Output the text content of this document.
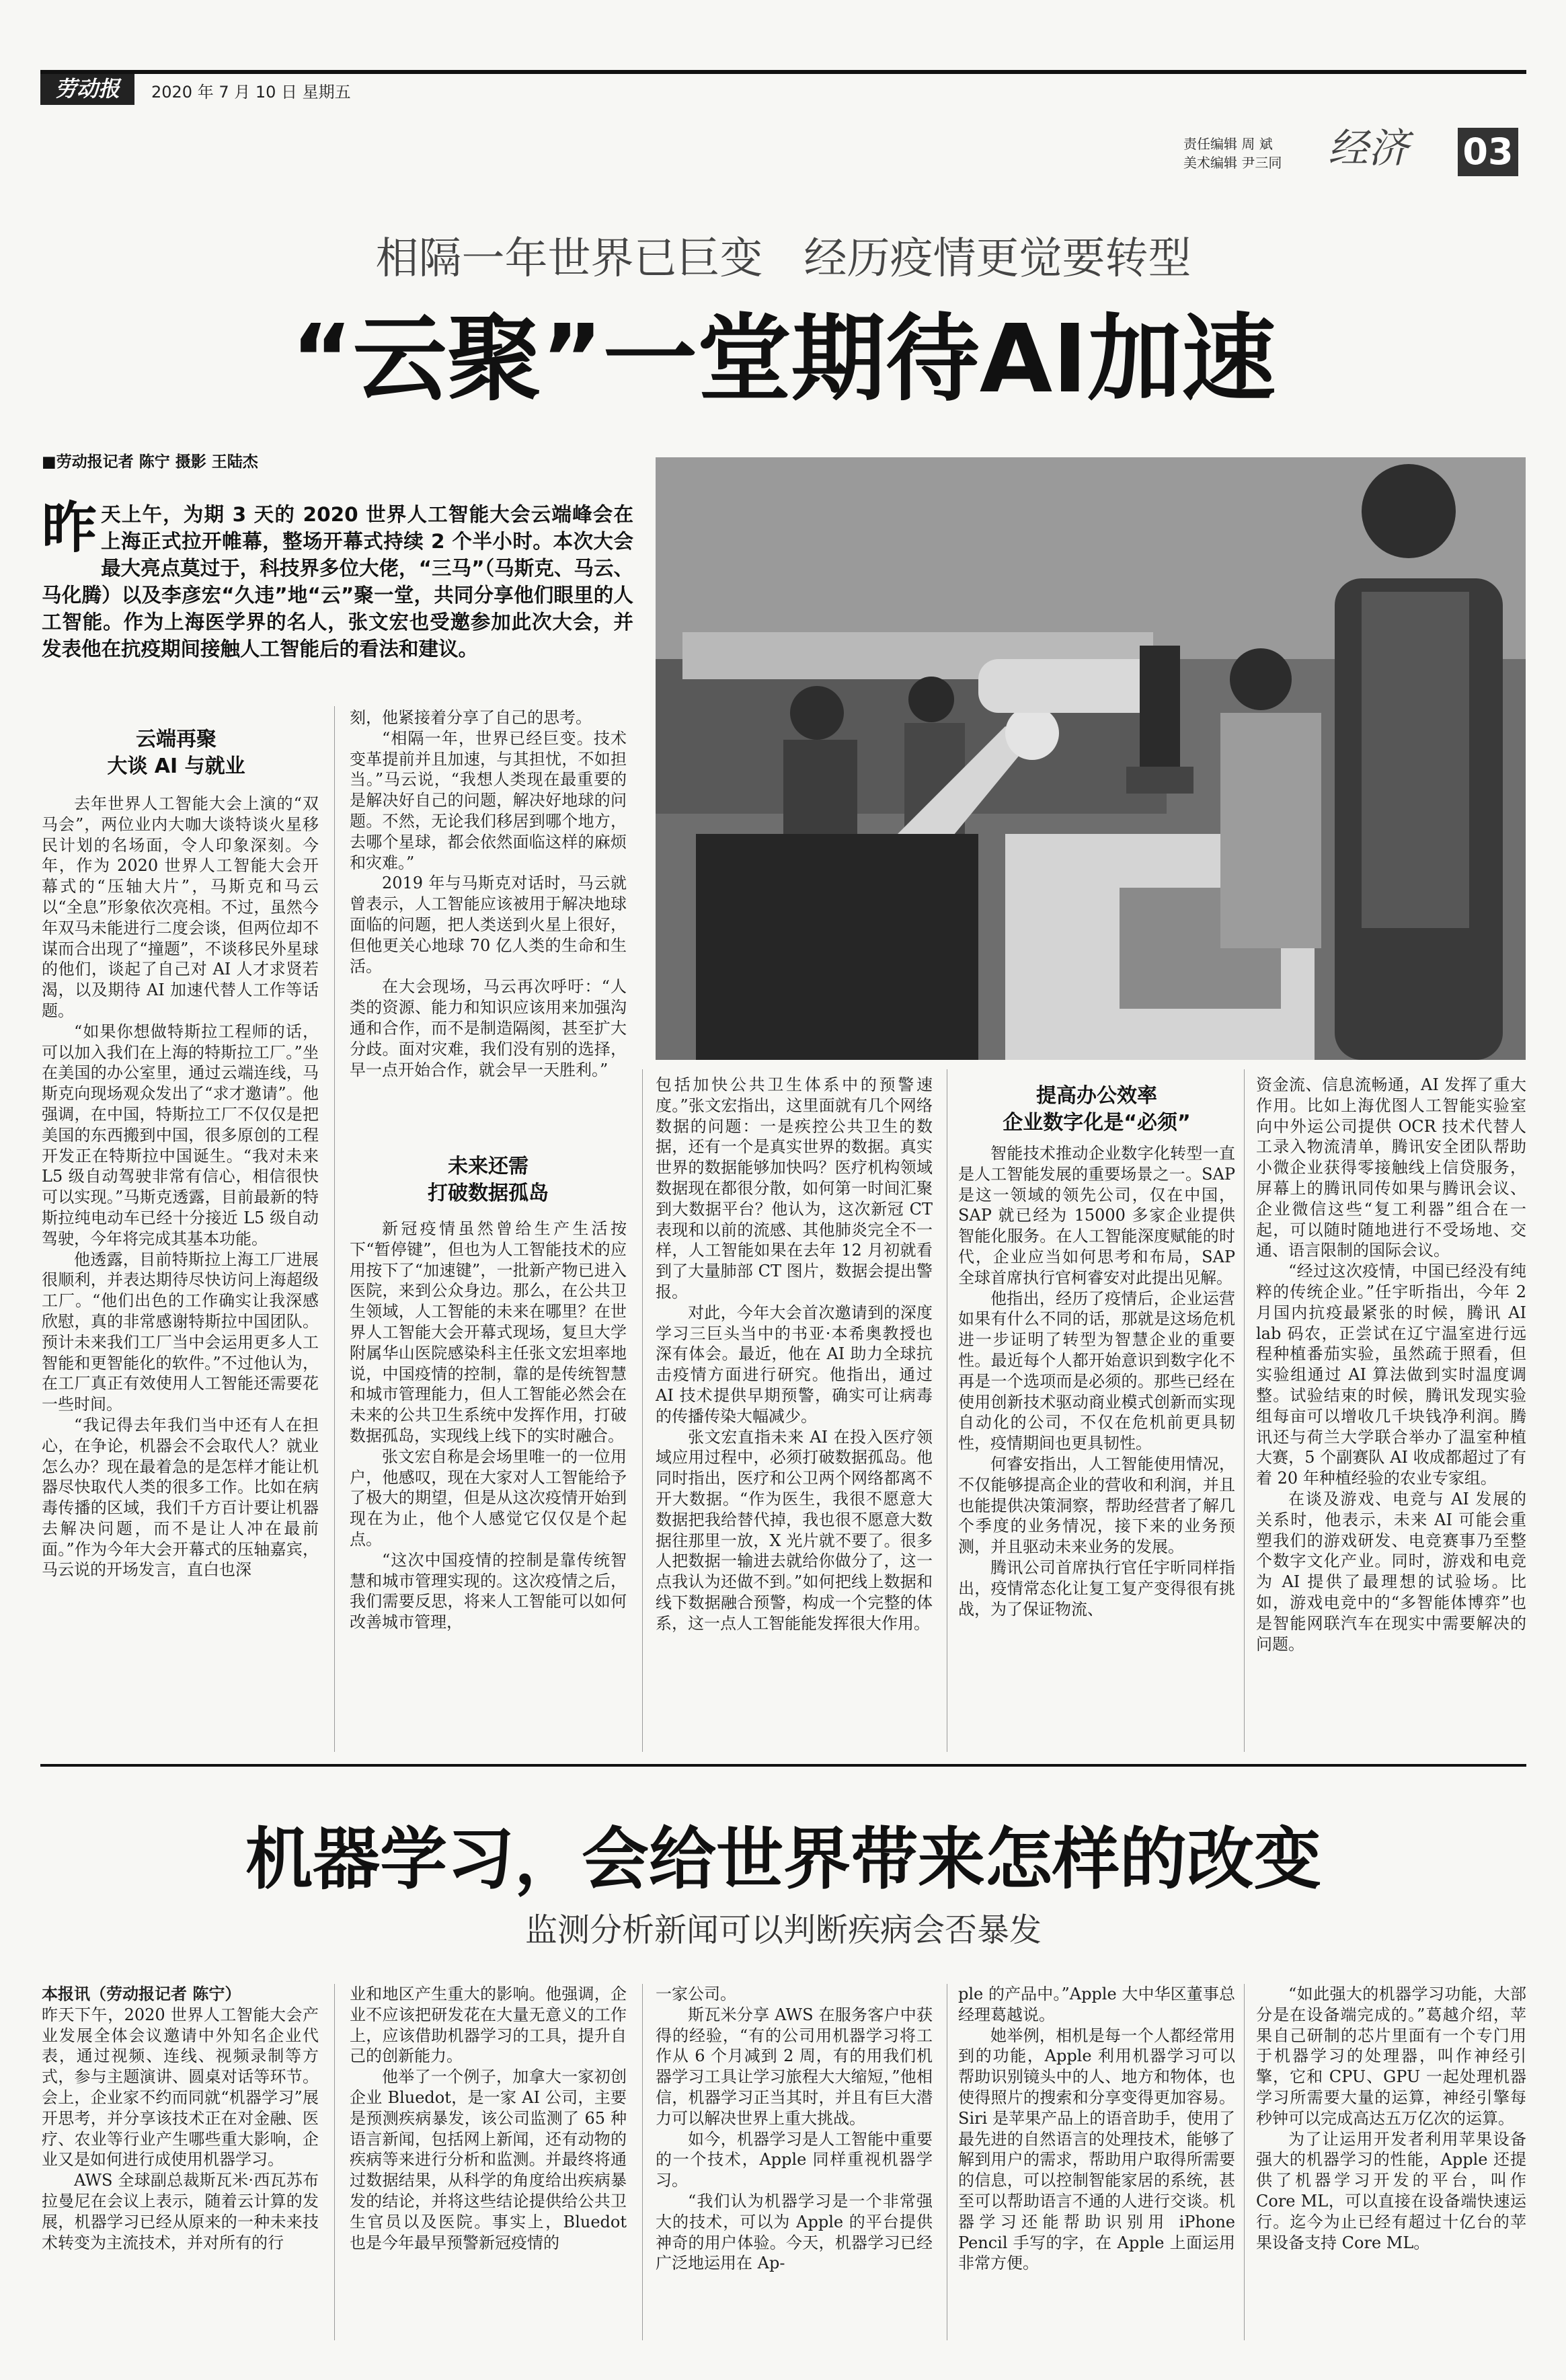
劳动报	2020 年 7 月 10 日 星期五
责任编辑 周 斌
美术编辑 尹三同	经济 03
相隔一年世界已巨变   经历疫情更觉要转型
“云聚”一堂期待AI加速
■劳动报记者 陈宁 摄影 王陆杰
昨 天上午，为期 3 天的 2020 世界人工智能大会云端峰会在上海正式拉开帷幕，整场开幕式持续 2 个半小时。本次大会最大亮点莫过于，科技界多位大佬，“三马”（马斯克、马云、马化腾）以及李彦宏“久违”地“云”聚一堂，共同分享他们眼里的人工智能。作为上海医学界的名人，张文宏也受邀参加此次大会，并发表他在抗疫期间接触人工智能后的看法和建议。
云端再聚
大谈 AI 与就业

去年世界人工智能大会上演的“双马会”，两位业内大咖大谈特谈火星移民计划的名场面，令人印象深刻。今年，作为 2020 世界人工智能大会开幕式的“压轴大片”，马斯克和马云以“全息”形象依次亮相。不过，虽然今年双马未能进行二度会谈，但两位却不谋而合出现了“撞题”，不谈移民外星球的他们，谈起了自己对 AI 人才求贤若渴，以及期待 AI 加速代替人工作等话题。

“如果你想做特斯拉工程师的话，可以加入我们在上海的特斯拉工厂。”坐在美国的办公室里，通过云端连线，马斯克向现场观众发出了“求才邀请”。他强调，在中国，特斯拉工厂不仅仅是把美国的东西搬到中国，很多原创的工程开发正在特斯拉中国诞生。“我对未来 L5 级自动驾驶非常有信心，相信很快可以实现。”马斯克透露，目前最新的特斯拉纯电动车已经十分接近 L5 级自动驾驶，今年将完成其基本功能。

他透露，目前特斯拉上海工厂进展很顺利，并表达期待尽快访问上海超级工厂。“他们出色的工作确实让我深感欣慰，真的非常感谢特斯拉中国团队。预计未来我们工厂当中会运用更多人工智能和更智能化的软件。”不过他认为，在工厂真正有效使用人工智能还需要花一些时间。

“我记得去年我们当中还有人在担心，在争论，机器会不会取代人？就业怎么办？现在最着急的是怎样才能让机器尽快取代人类的很多工作。比如在病毒传播的区域，我们千方百计要让机器去解决问题，而不是让人冲在最前面。”作为今年大会开幕式的压轴嘉宾，马云说的开场发言，直白也深

刻，他紧接着分享了自己的思考。

“相隔一年，世界已经巨变。技术变革提前并且加速，与其担忧，不如担当。”马云说，“我想人类现在最重要的是解决好自己的问题，解决好地球的问题。不然，无论我们移居到哪个地方，去哪个星球，都会依然面临这样的麻烦和灾难。”

2019 年与马斯克对话时，马云就曾表示，人工智能应该被用于解决地球面临的问题，把人类送到火星上很好，但他更关心地球 70 亿人类的生命和生活。

在大会现场，马云再次呼吁：“人类的资源、能力和知识应该用来加强沟通和合作，而不是制造隔阂，甚至扩大分歧。面对灾难，我们没有别的选择，早一点开始合作，就会早一天胜利。”

未来还需
打破数据孤岛

新冠疫情虽然曾给生产生活按下“暂停键”，但也为人工智能技术的应用按下了“加速键”，一批新产物已进入医院，来到公众身边。那么，在公共卫生领域，人工智能的未来在哪里？在世界人工智能大会开幕式现场，复旦大学附属华山医院感染科主任张文宏坦率地说，中国疫情的控制，靠的是传统智慧和城市管理能力，但人工智能必然会在未来的公共卫生系统中发挥作用，打破数据孤岛，实现线上线下的实时融合。

张文宏自称是会场里唯一的一位用户，他感叹，现在大家对人工智能给予了极大的期望，但是从这次疫情开始到现在为止，他个人感觉它仅仅是个起点。

“这次中国疫情的控制是靠传统智慧和城市管理实现的。这次疫情之后，我们需要反思，将来人工智能可以如何改善城市管理，

包括加快公共卫生体系中的预警速度。”张文宏指出，这里面就有几个网络数据的问题：一是疾控公共卫生的数据，还有一个是真实世界的数据。真实世界的数据能够加快吗？医疗机构领域数据现在都很分散，如何第一时间汇聚到大数据平台？他认为，这次新冠 CT 表现和以前的流感、其他肺炎完全不一样，人工智能如果在去年 12 月初就看到了大量肺部 CT 图片，数据会提出警报。

对此，今年大会首次邀请到的深度学习三巨头当中的书亚·本希奥教授也深有体会。最近，他在 AI 助力全球抗击疫情方面进行研究。他指出，通过 AI 技术提供早期预警，确实可让病毒的传播传染大幅减少。

张文宏直指未来 AI 在投入医疗领域应用过程中，必须打破数据孤岛。他同时指出，医疗和公卫两个网络都离不开大数据。“作为医生，我很不愿意大数据把我给替代掉，我也很不愿意大数据往那里一放，X 光片就不要了。很多人把数据一输进去就给你做分了，这一点我认为还做不到。”如何把线上数据和线下数据融合预警，构成一个完整的体系，这一点人工智能能发挥很大作用。

提高办公效率
企业数字化是“必须”

智能技术推动企业数字化转型一直是人工智能发展的重要场景之一。SAP 是这一领域的领先公司，仅在中国，SAP 就已经为 15000 多家企业提供智能化服务。在人工智能深度赋能的时代，企业应当如何思考和布局，SAP 全球首席执行官柯睿安对此提出见解。

他指出，经历了疫情后，企业运营如果有什么不同的话，那就是这场危机进一步证明了转型为智慧企业的重要性。最近每个人都开始意识到数字化不再是一个选项而是必须的。那些已经在使用创新技术驱动商业模式创新而实现自动化的公司，不仅在危机前更具韧性，疫情期间也更具韧性。

何睿安指出，人工智能使用情况，不仅能够提高企业的营收和利润，并且也能提供决策洞察，帮助经营者了解几个季度的业务情况，接下来的业务预测，并且驱动未来业务的发展。

腾讯公司首席执行官任宇昕同样指出，疫情常态化让复工复产变得很有挑战，为了保证物流、

资金流、信息流畅通，AI 发挥了重大作用。比如上海优图人工智能实验室向中外运公司提供 OCR 技术代替人工录入物流清单，腾讯安全团队帮助小微企业获得零接触线上信贷服务，屏幕上的腾讯同传如果与腾讯会议、企业微信这些“复工利器”组合在一起，可以随时随地进行不受场地、交通、语言限制的国际会议。

“经过这次疫情，中国已经没有纯粹的传统企业。”任宇昕指出，今年 2 月国内抗疫最紧张的时候，腾讯 AI lab 码农，正尝试在辽宁温室进行远程种植番茄实验，虽然疏于照看，但实验组通过 AI 算法做到实时温度调整。试验结束的时候，腾讯发现实验组每亩可以增收几千块钱净利润。腾讯还与荷兰大学联合举办了温室种植大赛，5 个副赛队 AI 收成都超过了有着 20 年种植经验的农业专家组。

在谈及游戏、电竞与 AI 发展的关系时，他表示，未来 AI 可能会重塑我们的游戏研发、电竞赛事乃至整个数字文化产业。同时，游戏和电竞为 AI 提供了最理想的试验场。比如，游戏电竞中的“多智能体博弈”也是智能网联汽车在现实中需要解决的问题。

机器学习，会给世界带来怎样的改变
监测分析新闻可以判断疾病会否暴发

本报讯（劳动报记者 陈宁）

昨天下午，2020 世界人工智能大会产业发展全体会议邀请中外知名企业代表，通过视频、连线、视频录制等方式，参与主题演讲、圆桌对话等环节。会上，企业家不约而同就“机器学习”展开思考，并分享该技术正在对金融、医疗、农业等行业产生哪些重大影响，企业又是如何进行成使用机器学习。

AWS 全球副总裁斯瓦米·西瓦苏布拉曼尼在会议上表示，随着云计算的发展，机器学习已经从原来的一种未来技术转变为主流技术，并对所有的行

业和地区产生重大的影响。他强调，企业不应该把研发花在大量无意义的工作上，应该借助机器学习的工具，提升自己的创新能力。

他举了一个例子，加拿大一家初创企业 Bluedot，是一家 AI 公司，主要是预测疾病暴发，该公司监测了 65 种语言新闻，包括网上新闻，还有动物的疾病等来进行分析和监测。并最终将通过数据结果，从科学的角度给出疾病暴发的结论，并将这些结论提供给公共卫生官员以及医院。事实上，Bluedot 也是今年最早预警新冠疫情的

一家公司。

斯瓦米分享 AWS 在服务客户中获得的经验，“有的公司用机器学习将工作从 6 个月减到 2 周，有的用我们机器学习工具让学习旅程大大缩短，”他相信，机器学习正当其时，并且有巨大潜力可以解决世界上重大挑战。

如今，机器学习是人工智能中重要的一个技术，Apple 同样重视机器学习。

“我们认为机器学习是一个非常强大的技术，可以为 Apple 的平台提供神奇的用户体验。今天，机器学习已经广泛地运用在 Ap-

ple 的产品中。”Apple 大中华区董事总经理葛越说。

她举例，相机是每一个人都经常用到的功能，Apple 利用机器学习可以帮助识别镜头中的人、地方和物体，也使得照片的搜索和分享变得更加容易。Siri 是苹果产品上的语音助手，使用了最先进的自然语言的处理技术，能够了解到用户的需求，帮助用户取得所需要的信息，可以控制智能家居的系统，甚至可以帮助语言不通的人进行交谈。机器学习还能帮助识别用 iPhone Pencil 手写的字，在 Apple 上面运用非常方便。

“如此强大的机器学习功能，大部分是在设备端完成的。”葛越介绍，苹果自己研制的芯片里面有一个专门用于机器学习的处理器，叫作神经引擎，它和 CPU、GPU 一起处理机器学习所需要大量的运算，神经引擎每秒钟可以完成高达五万亿次的运算。

为了让运用开发者利用苹果设备强大的机器学习的性能，Apple 还提供了机器学习开发的平台，叫作 Core ML，可以直接在设备端快速运行。迄今为止已经有超过十亿台的苹果设备支持 Core ML。
